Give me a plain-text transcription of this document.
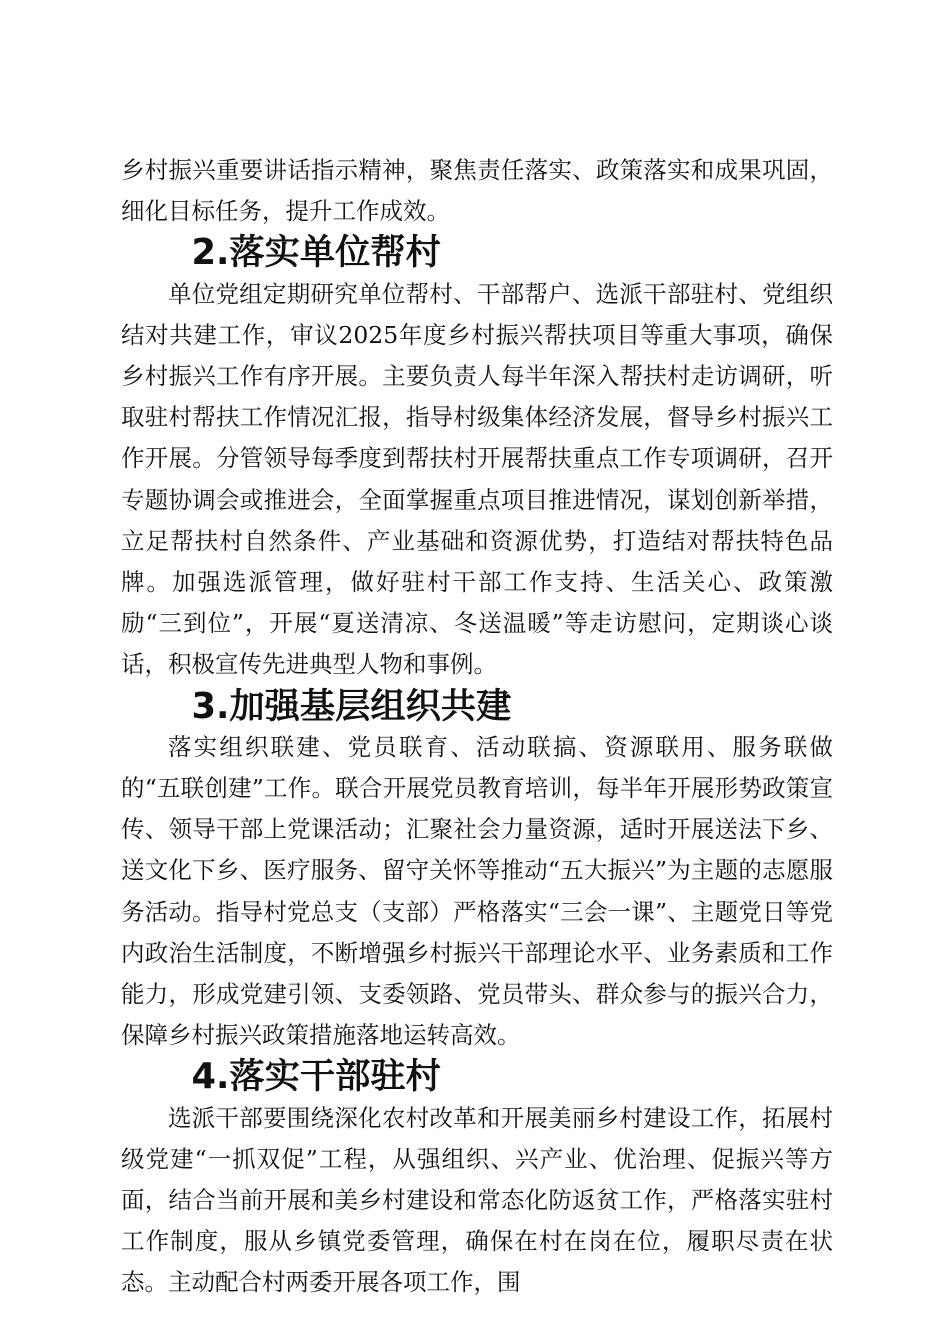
乡村振兴重要讲话指示精神，聚焦责任落实、政策落实和成果巩固，细化目标任务，提升工作成效。

2.落实单位帮村

单位党组定期研究单位帮村、干部帮户、选派干部驻村、党组织结对共建工作，审议2025年度乡村振兴帮扶项目等重大事项，确保乡村振兴工作有序开展。主要负责人每半年深入帮扶村走访调研，听取驻村帮扶工作情况汇报，指导村级集体经济发展，督导乡村振兴工作开展。分管领导每季度到帮扶村开展帮扶重点工作专项调研，召开专题协调会或推进会，全面掌握重点项目推进情况，谋划创新举措，立足帮扶村自然条件、产业基础和资源优势，打造结对帮扶特色品牌。加强选派管理，做好驻村干部工作支持、生活关心、政策激励“三到位”，开展“夏送清凉、冬送温暖”等走访慰问，定期谈心谈话，积极宣传先进典型人物和事例。

3.加强基层组织共建

落实组织联建、党员联育、活动联搞、资源联用、服务联做的“五联创建”工作。联合开展党员教育培训，每半年开展形势政策宣传、领导干部上党课活动；汇聚社会力量资源，适时开展送法下乡、送文化下乡、医疗服务、留守关怀等推动“五大振兴”为主题的志愿服务活动。指导村党总支（支部）严格落实“三会一课”、主题党日等党内政治生活制度，不断增强乡村振兴干部理论水平、业务素质和工作能力，形成党建引领、支委领路、党员带头、群众参与的振兴合力，保障乡村振兴政策措施落地运转高效。

4.落实干部驻村

选派干部要围绕深化农村改革和开展美丽乡村建设工作，拓展村级党建“一抓双促”工程，从强组织、兴产业、优治理、促振兴等方面，结合当前开展和美乡村建设和常态化防返贫工作，严格落实驻村工作制度，服从乡镇党委管理，确保在村在岗在位，履职尽责在状态。主动配合村两委开展各项工作，围
